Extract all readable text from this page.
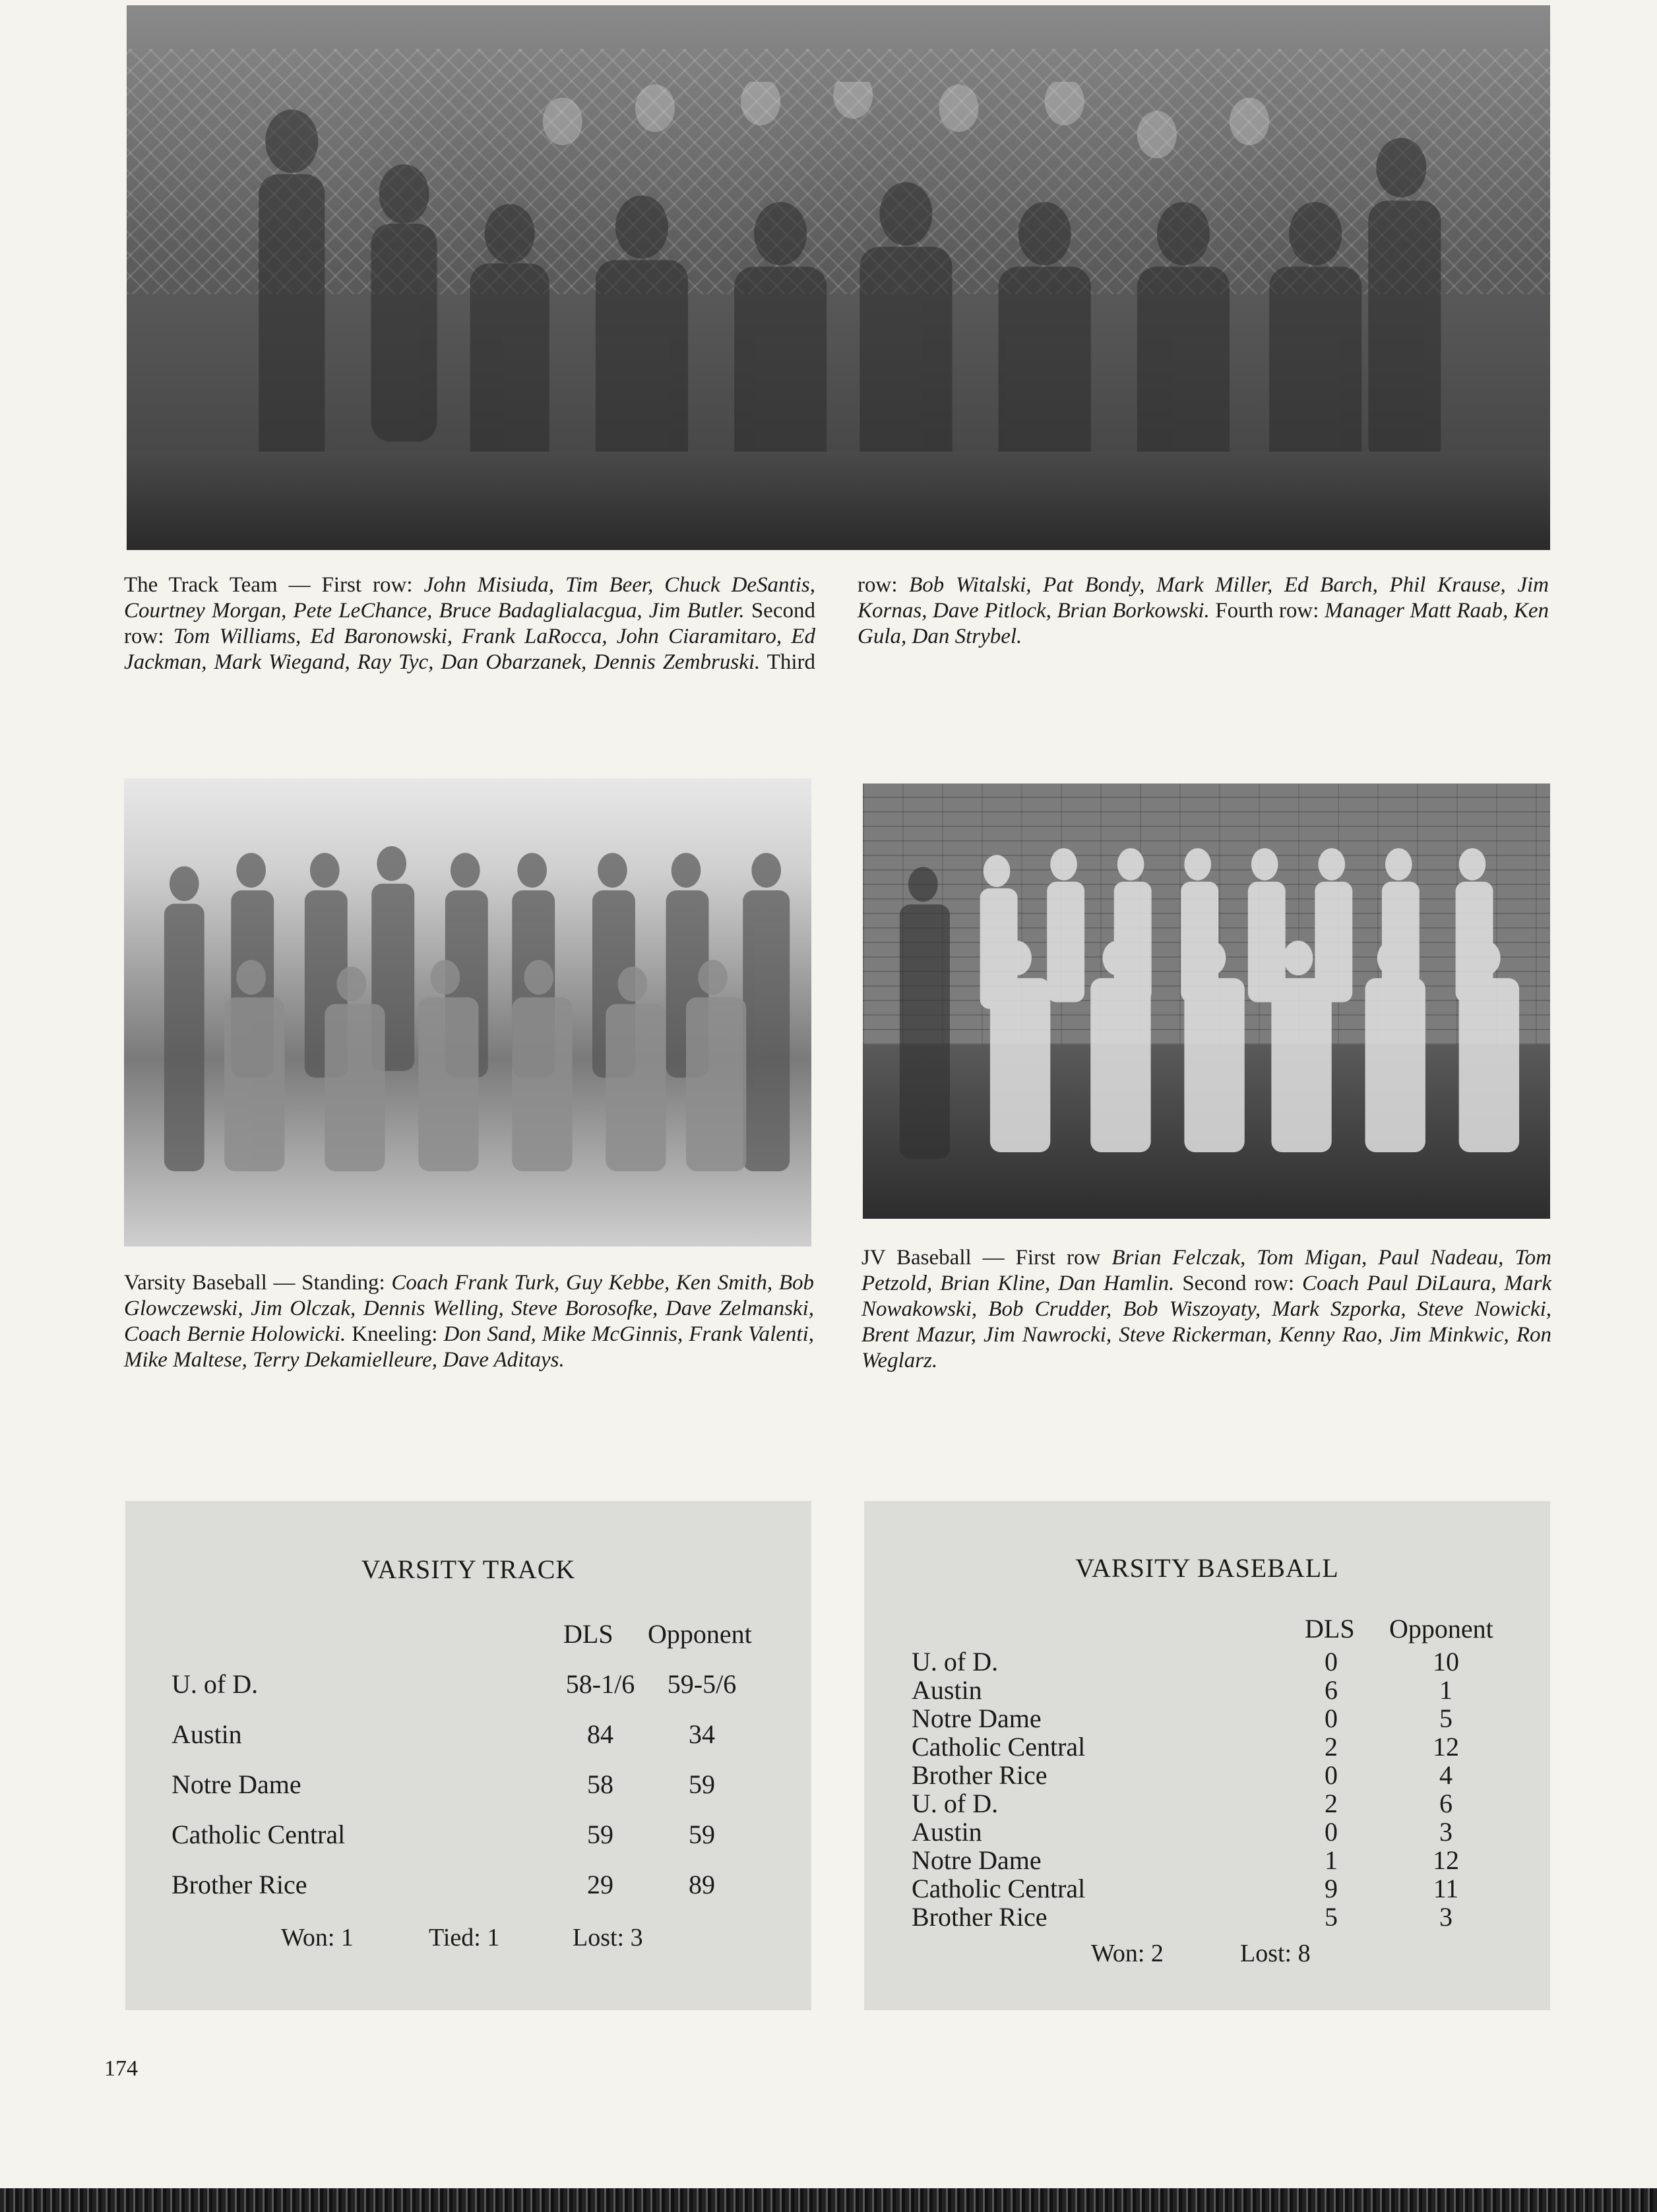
The Track Team — First row: John Misiuda, Tim Beer, Chuck DeSantis, Courtney Morgan, Pete LeChance, Bruce Badaglialacgua, Jim Butler. Second row: Tom Williams, Ed Baronowski, Frank LaRocca, John Ciaramitaro, Ed Jackman, Mark Wiegand, Ray Tyc, Dan Obarzanek, Dennis Zembruski. Third row: Bob Witalski, Pat Bondy, Mark Miller, Ed Barch, Phil Krause, Jim Kornas, Dave Pitlock, Brian Borkowski. Fourth row: Manager Matt Raab, Ken Gula, Dan Strybel.
Varsity Baseball — Standing: Coach Frank Turk, Guy Kebbe, Ken Smith, Bob Glowczewski, Jim Olczak, Dennis Welling, Steve Borosofke, Dave Zelmanski, Coach Bernie Holowicki. Kneeling: Don Sand, Mike McGinnis, Frank Valenti, Mike Maltese, Terry Dekamielleure, Dave Aditays.
JV Baseball — First row Brian Felczak, Tom Migan, Paul Nadeau, Tom Petzold, Brian Kline, Dan Hamlin. Second row: Coach Paul DiLaura, Mark Nowakowski, Bob Crudder, Bob Wiszoyaty, Mark Szporka, Steve Nowicki, Brent Mazur, Jim Nawrocki, Steve Rickerman, Kenny Rao, Jim Minkwic, Ron Weglarz.
VARSITY TRACK
DLS Opponent
U. of D.	58-1/6	59-5/6
Austin	84	34
Notre Dame	58	59
Catholic Central	59	59
Brother Rice	29	89
Won: 1	Tied: 1	Lost: 3
VARSITY BASEBALL
DLS Opponent
U. of D.	0	10
Austin	6	1
Notre Dame	0	5
Catholic Central	2	12
Brother Rice	0	4
U. of D.	2	6
Austin	0	3
Notre Dame	1	12
Catholic Central	9	11
Brother Rice	5	3
Won: 2	Lost: 8
174
